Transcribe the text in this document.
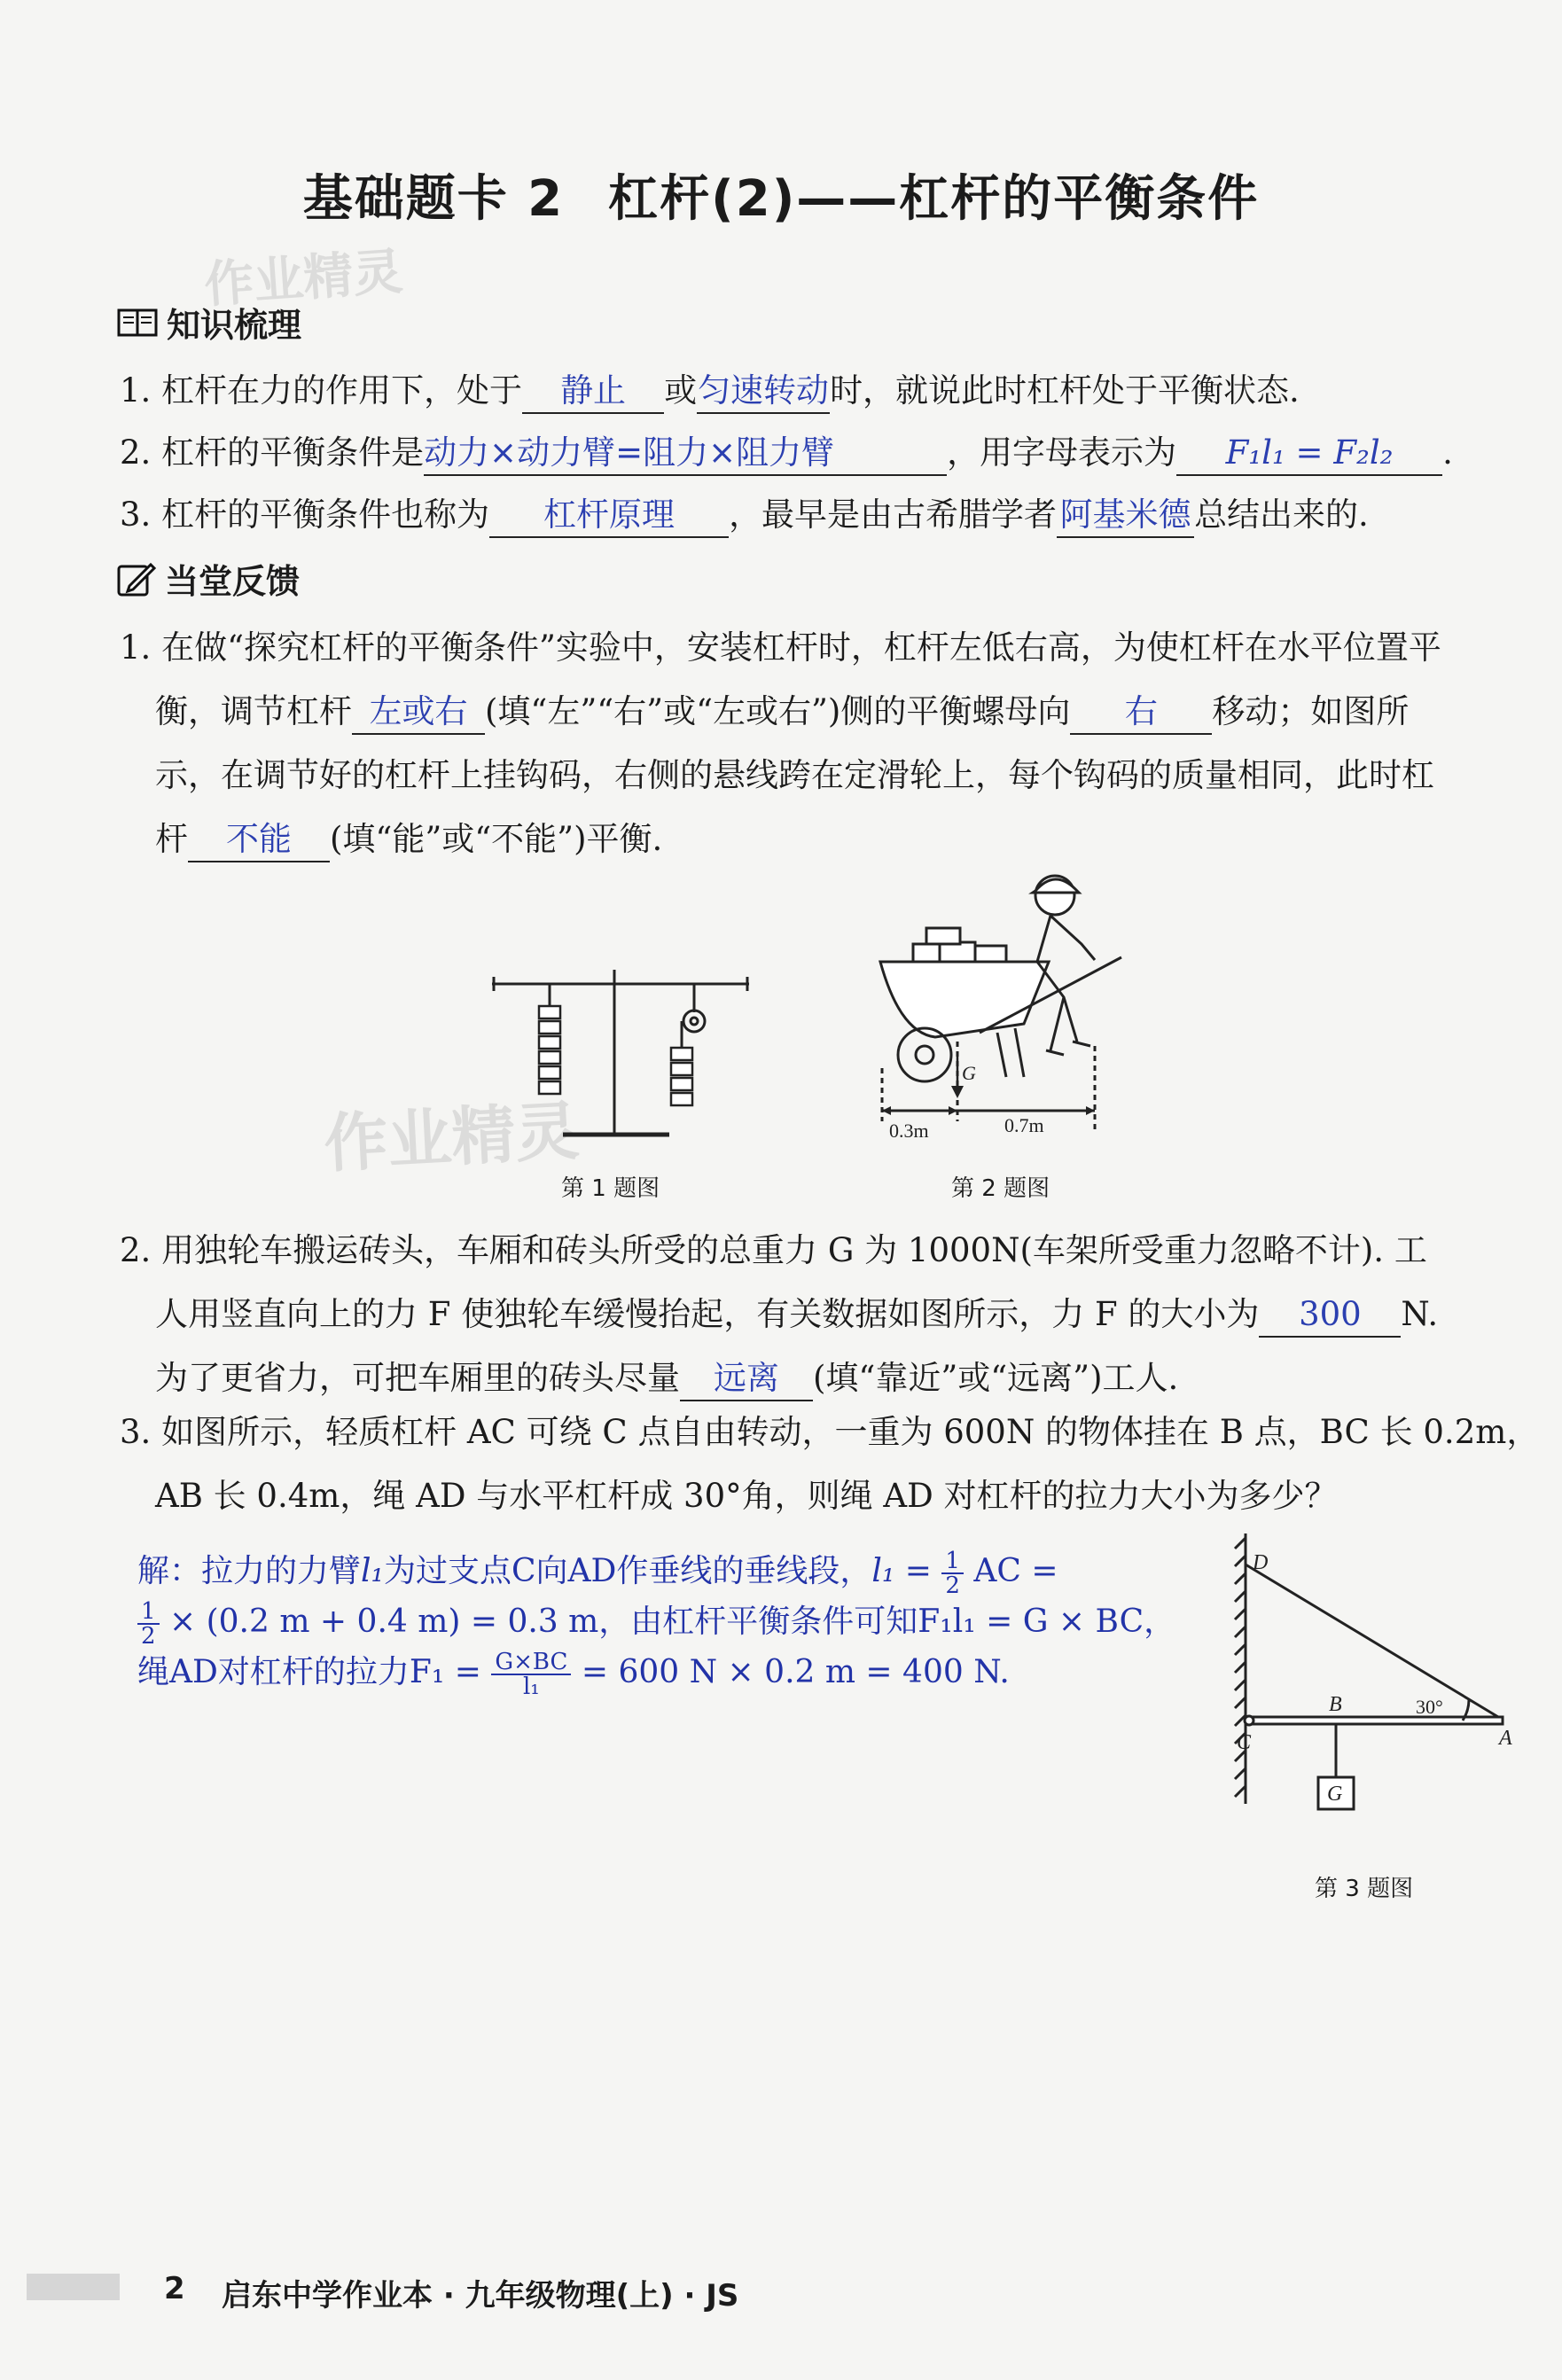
作业精灵
作业精灵
基础题卡 2 杠杆(2)——杠杆的平衡条件
知识梳理
1. 杠杆在力的作用下，处于 静止 或匀速转动时，就说此时杠杆处于平衡状态.
2. 杠杆的平衡条件是动力×动力臂=阻力×阻力臂	，用字母表示为 F₁l₁ = F₂l₂ .
3. 杠杆的平衡条件也称为 杠杆原理 ，最早是由古希腊学者阿基米德总结出来的.
当堂反馈
1. 在做“探究杠杆的平衡条件”实验中，安装杠杆时，杠杆左低右高，为使杠杆在水平位置平
衡，调节杠杆 左或右 (填“左”“右”或“左或右”)侧的平衡螺母向 右 移动；如图所
示，在调节好的杠杆上挂钩码，右侧的悬线跨在定滑轮上，每个钩码的质量相同，此时杠
杆 不能 (填“能”或“不能”)平衡.
第 1 题图
G
0.3m	0.7m
第 2 题图
2. 用独轮车搬运砖头，车厢和砖头所受的总重力 G 为 1000N(车架所受重力忽略不计). 工
人用竖直向上的力 F 使独轮车缓慢抬起，有关数据如图所示，力 F 的大小为 300 N.
为了更省力，可把车厢里的砖头尽量 远离 (填“靠近”或“远离”)工人.
3. 如图所示，轻质杠杆 AC 可绕 C 点自由转动，一重为 600N 的物体挂在 B 点，BC 长 0.2m，
AB 长 0.4m，绳 AD 与水平杠杆成 30°角，则绳 AD 对杠杆的拉力大小为多少？
解：拉力的力臂l₁为过支点C向AD作垂线的垂线段，$l_1 = \frac{1}{2}$ AC =
$\frac{1}{2} \times (0.2$ m + 0.4 m) = 0.3 m，由杠杆平衡条件可知F₁l₁ = G × BC，
绳AD对杠杆的拉力$F_1 = \frac{G\times BC}{\text{l₁}} = 600$ N × 0.2 m = 400 N.
D
B
C	A
30°
G
第 3 题图
2 启东中学作业本 · 九年级物理(上) · JS
